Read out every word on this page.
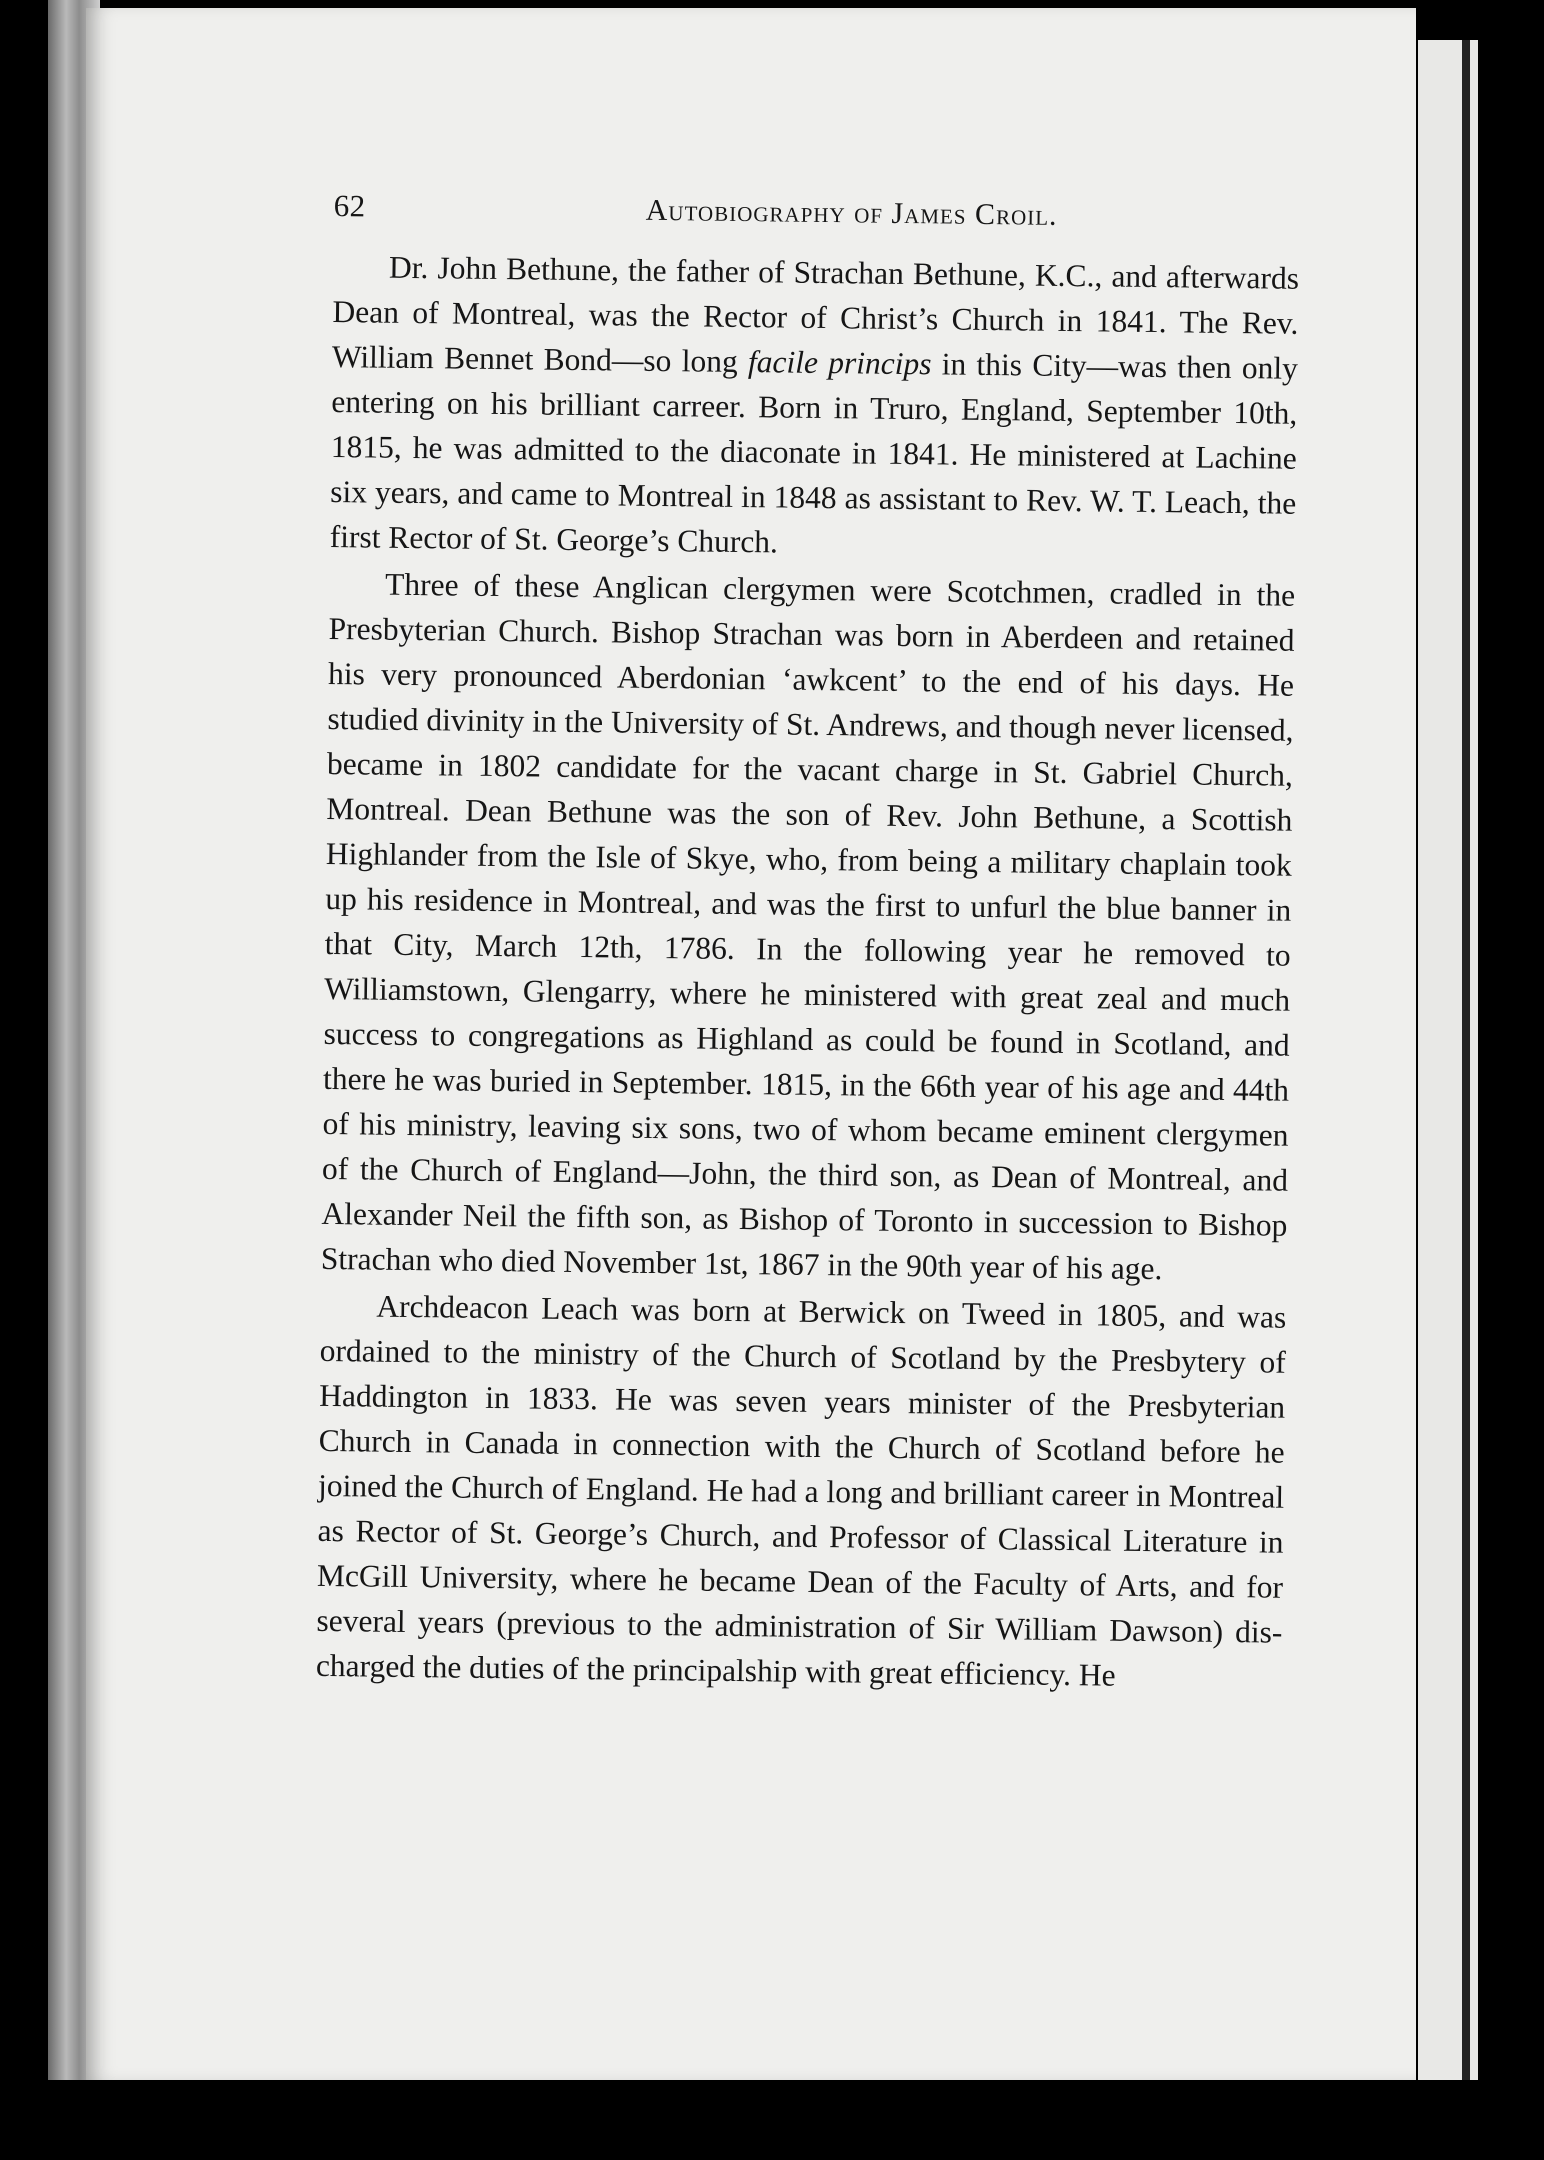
62	Autobiography of James Croil.

Dr. John Bethune, the father of Strachan Bethune, K.C., and afterwards Dean of Montreal, was the Rector of Christ’s Church in 1841. The Rev. William Bennet Bond—so long facile princips in this City—was then only entering on his brilliant carreer. Born in Truro, England, September 10th, 1815, he was admitted to the diaconate in 1841. He ministered at Lachine six years, and came to Montreal in 1848 as assistant to Rev. W. T. Leach, the first Rector of St. George’s Church.

Three of these Anglican clergymen were Scotchmen, cradled in the Presbyterian Church. Bishop Strachan was born in Aberdeen and retained his very pronounced Aberdonian ‘awkcent’ to the end of his days. He studied divinity in the University of St. Andrews, and though never licensed, became in 1802 candidate for the vacant charge in St. Gabriel Church, Montreal. Dean Bethune was the son of Rev. John Bethune, a Scottish Highlander from the Isle of Skye, who, from being a military chaplain took up his residence in Montreal, and was the first to unfurl the blue banner in that City, March 12th, 1786. In the following year he removed to Williamstown, Glengarry, where he ministered with great zeal and much success to congregations as Highland as could be found in Scotland, and there he was buried in September. 1815, in the 66th year of his age and 44th of his ministry, leaving six sons, two of whom became eminent clergymen of the Church of England—John, the third son, as Dean of Montreal, and Alexander Neil the fifth son, as Bishop of Toronto in succession to Bishop Strachan who died November 1st, 1867 in the 90th year of his age.

Archdeacon Leach was born at Berwick on Tweed in 1805, and was ordained to the ministry of the Church of Scotland by the Presbytery of Haddington in 1833. He was seven years minister of the Presbyterian Church in Canada in connection with the Church of Scotland before he joined the Church of England. He had a long and brilliant career in Montreal as Rector of St. George’s Church, and Professor of Classical Literature in McGill University, where he became Dean of the Faculty of Arts, and for several years (previous to the administration of Sir William Dawson) discharged the duties of the principalship with great efficiency. He
